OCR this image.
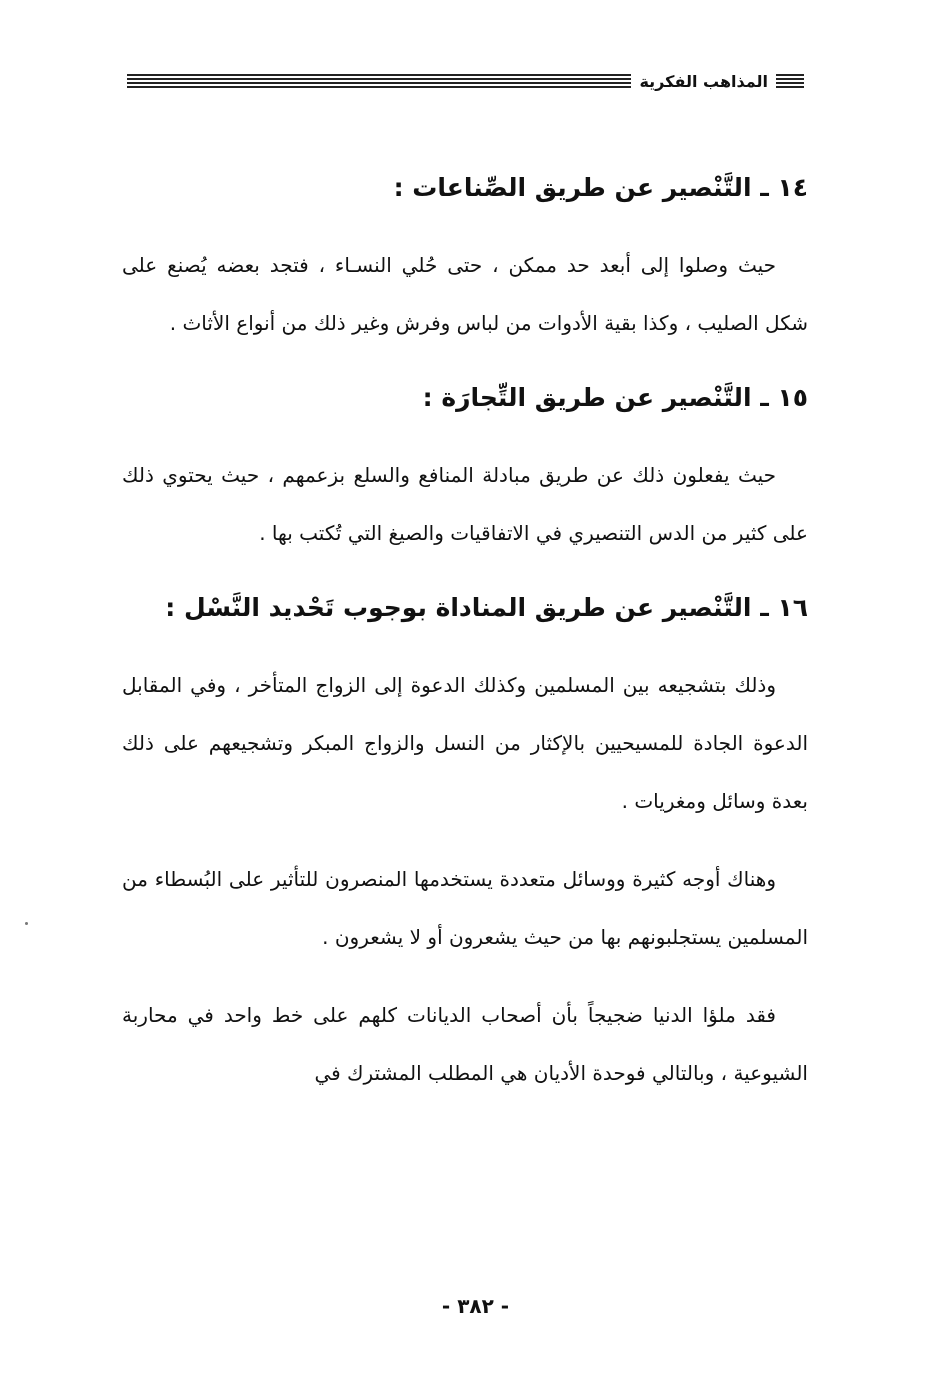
المذاهب الفكرية
١٤ ـ التَّنْصير عن طريق الصِّناعات :

حيث وصلوا إلى أبعد حد ممكن ، حتى حُلي النسـاء ، فتجد بعضه يُصنع على شكل الصليب ، وكذا بقية الأدوات من لباس وفرش وغير ذلك من أنواع الأثاث .

١٥ ـ التَّنْصير عن طريق التِّجارَة :

حيث يفعلون ذلك عن طريق مبادلة المنافع والسلع بزعمهم ، حيث يحتوي ذلك على كثير من الدس التنصيري في الاتفاقيات والصيغ التي تُكتب بها .

١٦ ـ التَّنْصير عن طريق المناداة بوجوب تَحْديد النَّسْل :

وذلك بتشجيعه بين المسلمين وكذلك الدعوة إلى الزواج المتأخر ، وفي المقابل الدعوة الجادة للمسيحيين بالإكثار من النسل والزواج المبكر وتشجيعهم على ذلك بعدة وسائل ومغريات .

وهناك أوجه كثيرة ووسائل متعددة يستخدمها المنصرون للتأثير على البُسطاء من المسلمين يستجلبونهم بها من حيث يشعرون أو لا يشعرون .

فقد ملؤا الدنيا ضجيجاً بأن أصحاب الديانات كلهم على خط واحد في محاربة الشيوعية ، وبالتالي فوحدة الأديان هي المطلب المشترك في

- ٣٨٢ -
